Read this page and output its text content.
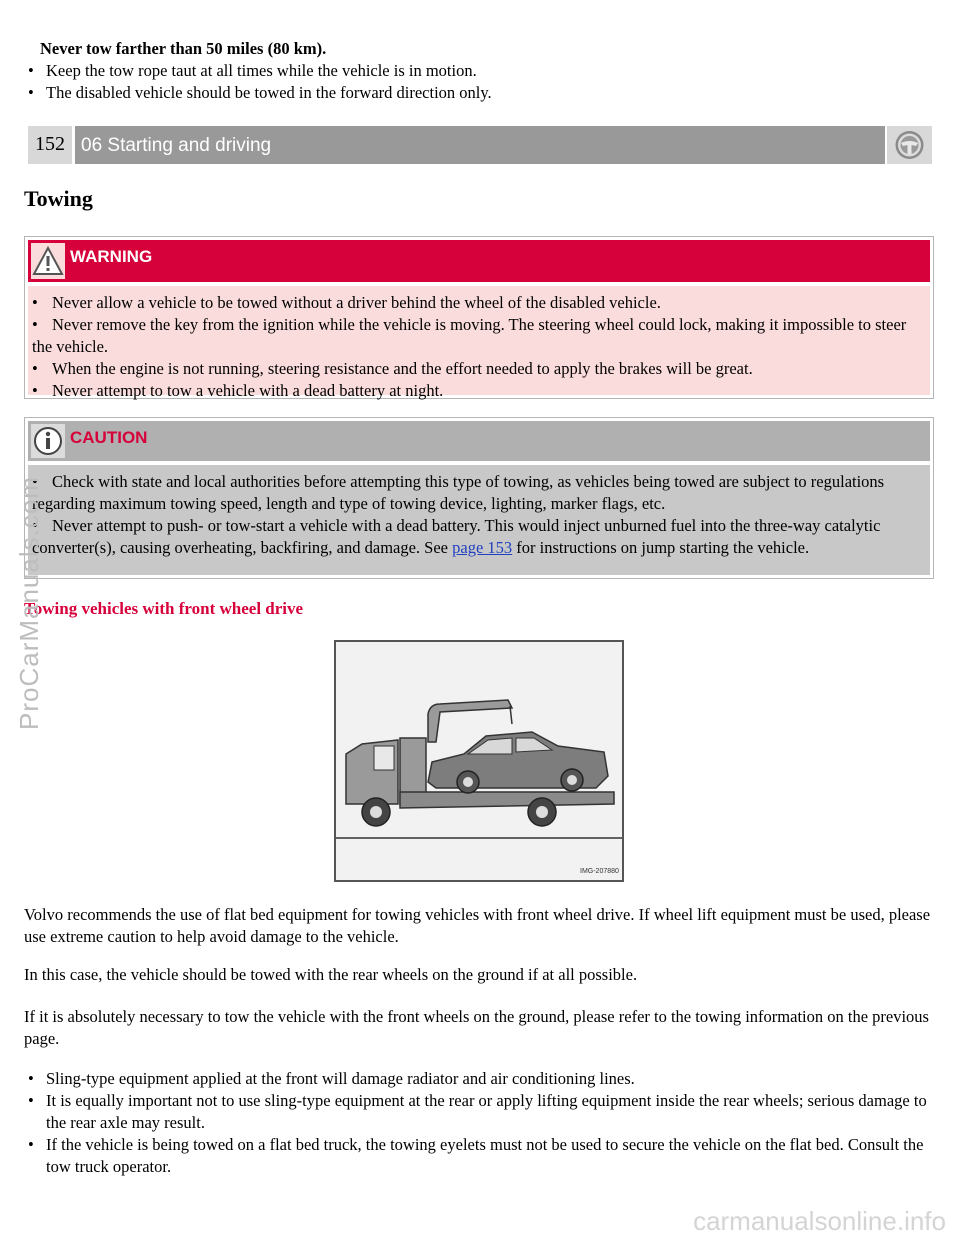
Never tow farther than 50 miles (80 km).
• Keep the tow rope taut at all times while the vehicle is in motion.
• The disabled vehicle should be towed in the forward direction only.
152 06 Starting and driving
Towing
WARNING
• Never allow a vehicle to be towed without a driver behind the wheel of the disabled vehicle.
• Never remove the key from the ignition while the vehicle is moving. The steering wheel could lock, making it impossible to steer the vehicle.
• When the engine is not running, steering resistance and the effort needed to apply the brakes will be great.
• Never attempt to tow a vehicle with a dead battery at night.
CAUTION
• Check with state and local authorities before attempting this type of towing, as vehicles being towed are subject to regulations regarding maximum towing speed, length and type of towing device, lighting, marker flags, etc.
• Never attempt to push- or tow-start a vehicle with a dead battery. This would inject unburned fuel into the three-way catalytic converter(s), causing overheating, backfiring, and damage. See page 153 for instructions on jump starting the vehicle.
Towing vehicles with front wheel drive
IMG-207880
Volvo recommends the use of flat bed equipment for towing vehicles with front wheel drive. If wheel lift equipment must be used, please use extreme caution to help avoid damage to the vehicle.
In this case, the vehicle should be towed with the rear wheels on the ground if at all possible.
If it is absolutely necessary to tow the vehicle with the front wheels on the ground, please refer to the towing information on the previous page.
• Sling-type equipment applied at the front will damage radiator and air conditioning lines.
• It is equally important not to use sling-type equipment at the rear or apply lifting equipment inside the rear wheels; serious damage to the rear axle may result.
• If the vehicle is being towed on a flat bed truck, the towing eyelets must not be used to secure the vehicle on the flat bed. Consult the tow truck operator.
ProCarManuals.com
carmanualsonline.info
